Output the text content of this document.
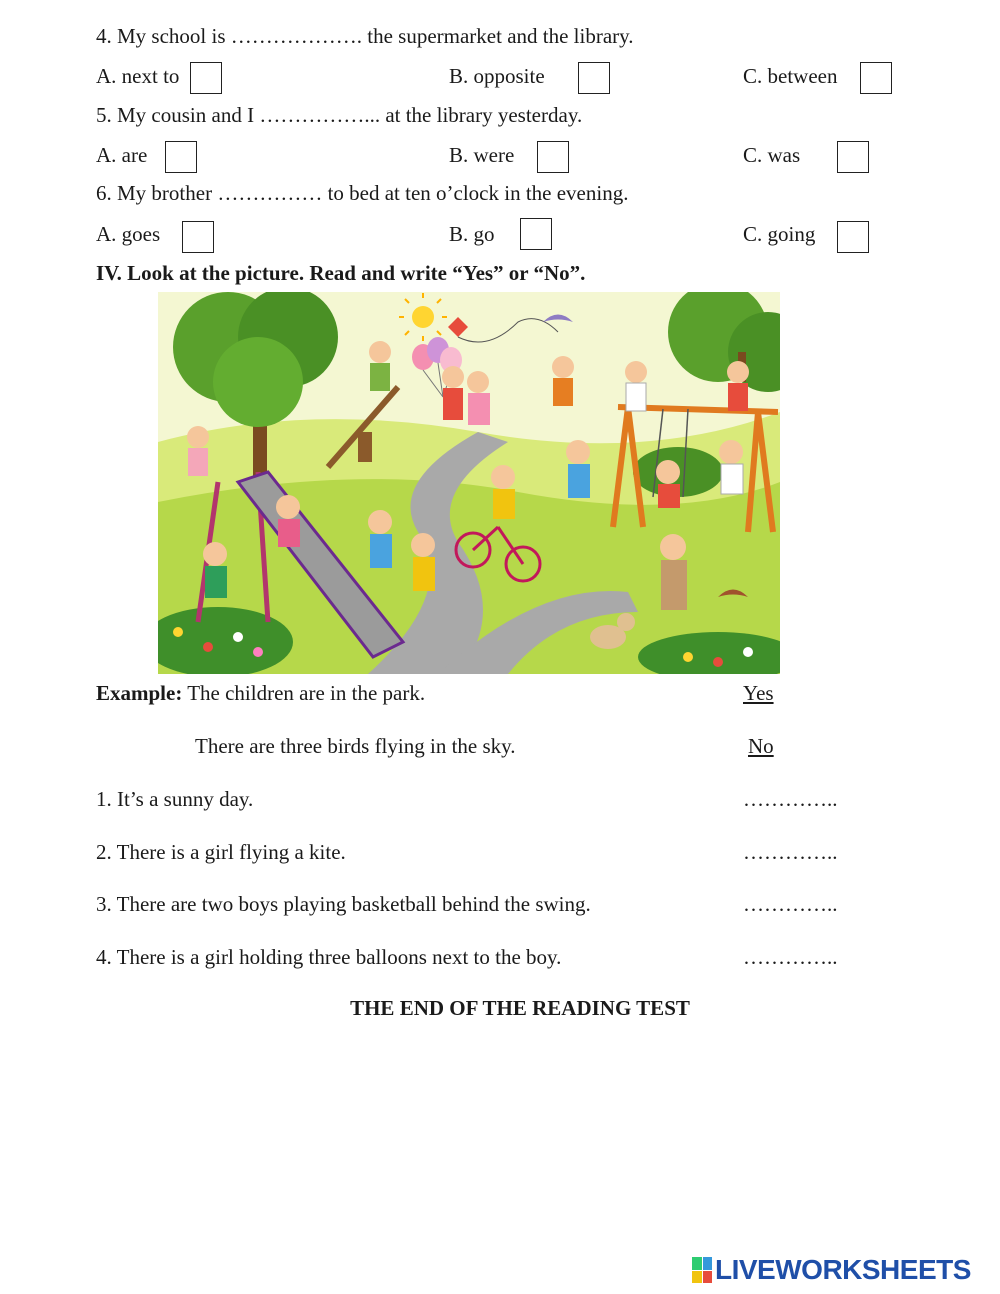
4. My school is ………………. the supermarket and the library.
A. next to	B. opposite	C. between
5. My cousin and I ……………... at the library yesterday.
A. are	B. were	C. was
6. My brother …………… to bed at ten o’clock in the evening.
A. goes	B. go	C. going
IV. Look at the picture. Read and write “Yes” or “No”.
Example: The children are in the park.	Yes
There are three birds flying in the sky.	No
1. It’s a sunny day.	…………..
2. There is a girl flying a kite.	…………..
3. There are two boys playing basketball behind the swing.	…………..
4. There is a girl holding three balloons next to the boy.	…………..
THE END OF THE READING TEST
LIVEWORKSHEETS
